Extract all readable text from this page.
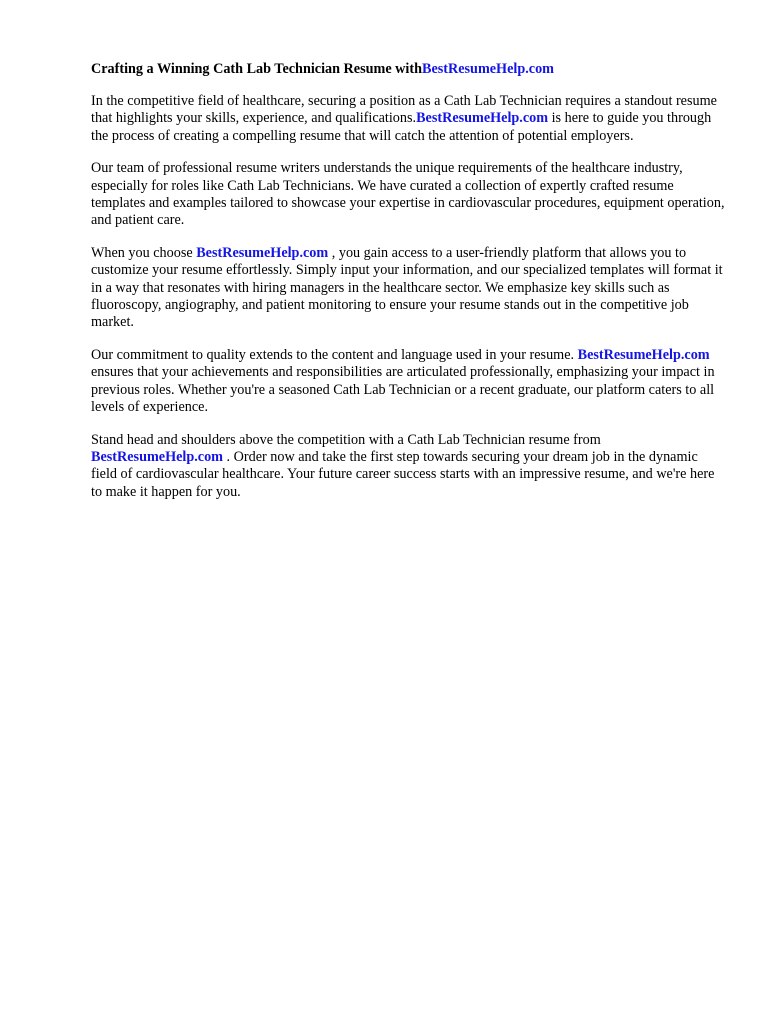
Crafting a Winning Cath Lab Technician Resume withBestResumeHelp.com

In the competitive field of healthcare, securing a position as a Cath Lab Technician requires a standout resume that highlights your skills, experience, and qualifications.BestResumeHelp.com is here to guide you through the process of creating a compelling resume that will catch the attention of potential employers.

Our team of professional resume writers understands the unique requirements of the healthcare industry, especially for roles like Cath Lab Technicians. We have curated a collection of expertly crafted resume templates and examples tailored to showcase your expertise in cardiovascular procedures, equipment operation, and patient care.

When you choose BestResumeHelp.com , you gain access to a user-friendly platform that allows you to customize your resume effortlessly. Simply input your information, and our specialized templates will format it in a way that resonates with hiring managers in the healthcare sector. We emphasize key skills such as fluoroscopy, angiography, and patient monitoring to ensure your resume stands out in the competitive job market.

Our commitment to quality extends to the content and language used in your resume. BestResumeHelp.com ensures that your achievements and responsibilities are articulated professionally, emphasizing your impact in previous roles. Whether you're a seasoned Cath Lab Technician or a recent graduate, our platform caters to all levels of experience.

Stand head and shoulders above the competition with a Cath Lab Technician resume from BestResumeHelp.com . Order now and take the first step towards securing your dream job in the dynamic field of cardiovascular healthcare. Your future career success starts with an impressive resume, and we're here to make it happen for you.
